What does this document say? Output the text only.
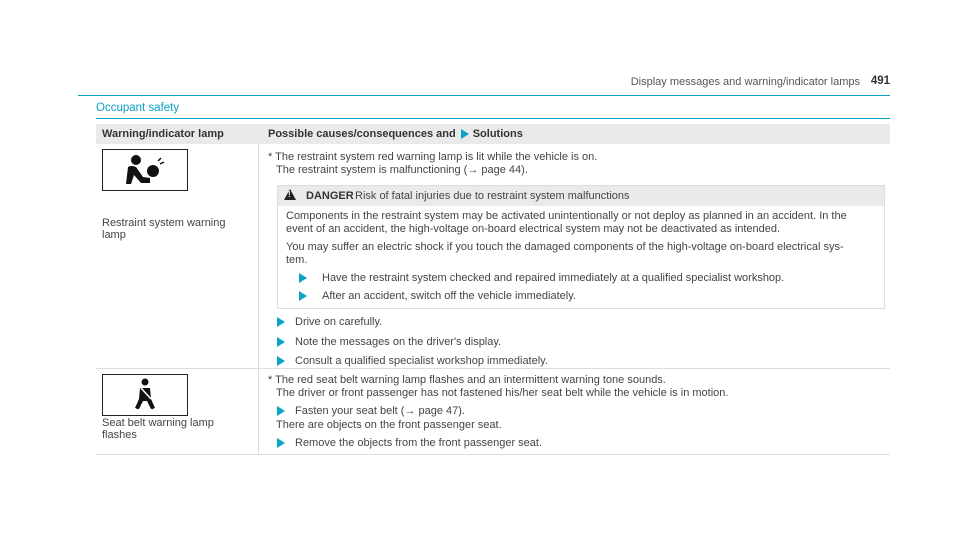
Display messages and warning/indicator lamps 491
Occupant safety
Warning/indicator lamp	Possible causes/consequences and Solutions
Restraint system warning
lamp
Seat belt warning lamp
flashes
* The restraint system red warning lamp is lit while the vehicle is on.
The restraint system is malfunctioning (→ page 44).
!
DANGER Risk of fatal injuries due to restraint system malfunctions
Components in the restraint system may be activated unintentionally or not deploy as planned in an accident. In the
event of an accident, the high-voltage on-board electrical system may not be deactivated as intended.
You may suffer an electric shock if you touch the damaged components of the high-voltage on-board electrical sys-
tem.
Have the restraint system checked and repaired immediately at a qualified specialist workshop.
After an accident, switch off the vehicle immediately.
Drive on carefully.
Note the messages on the driver's display.
Consult a qualified specialist workshop immediately.
* The red seat belt warning lamp flashes and an intermittent warning tone sounds.
The driver or front passenger has not fastened his/her seat belt while the vehicle is in motion.
Fasten your seat belt (→ page 47).
There are objects on the front passenger seat.
Remove the objects from the front passenger seat.
